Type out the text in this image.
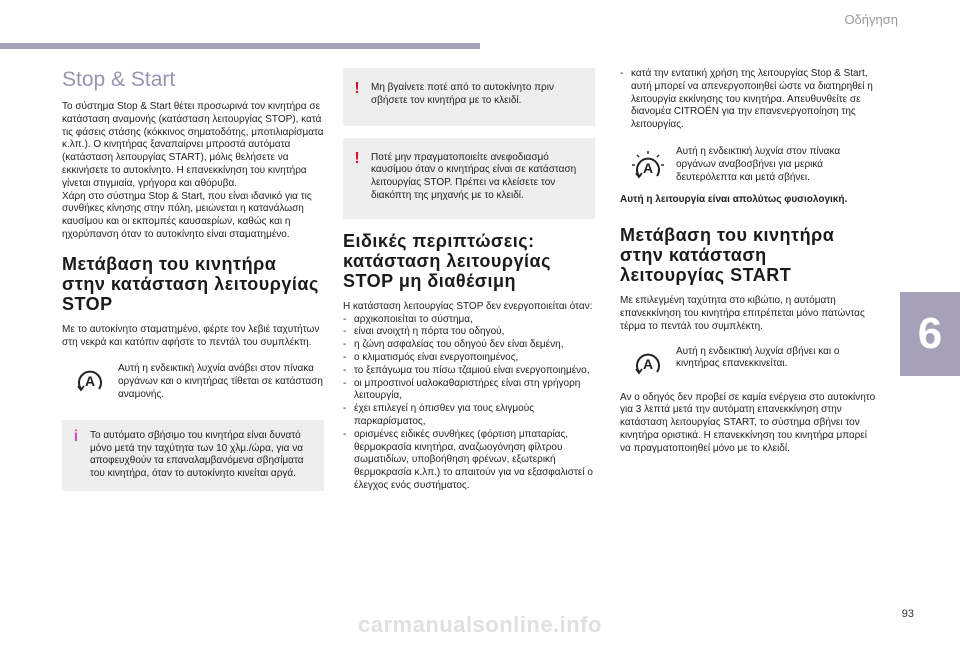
Οδήγηση
6
Stop & Start

Το σύστημα Stop & Start θέτει προσωρινά τον κινητήρα σε κατάσταση αναμονής (κατάσταση λειτουργίας STOP), κατά τις φάσεις στάσης (κόκκινος σηματοδότης, μποτιλιαρίσματα κ.λπ.). Ο κινητήρας ξαναπαίρνει μπροστά αυτόματα (κατάσταση λειτουργίας START), μόλις θελήσετε να εκκινήσετε το αυτοκίνητο. Η επανεκκίνηση του κινητήρα γίνεται στιγμιαία, γρήγορα και αθόρυβα.

Χάρη στο σύστημα Stop & Start, που είναι ιδανικό για τις συνθήκες κίνησης στην πόλη, μειώνεται η κατανάλωση καυσίμου και οι εκπομπές καυσαερίων, καθώς και η ηχορύπανση όταν το αυτοκίνητο είναι σταματημένο.

Μετάβαση του κινητήρα στην κατάσταση λειτουργίας STOP

Με το αυτοκίνητο σταματημένο, φέρτε τον λεβιέ ταχυτήτων στη νεκρά και κατόπιν αφήστε το πεντάλ του συμπλέκτη.

A

Αυτή η ενδεικτική λυχνία ανάβει στον πίνακα οργάνων και ο κινητήρας τίθεται σε κατάσταση αναμονής.

i	Το αυτόματο σβήσιμο του κινητήρα είναι δυνατό μόνο μετά την ταχύτητα των 10 χλμ./ώρα, για να αποφευχθούν τα επαναλαμβανόμενα σβησίματα του κινητήρα, όταν το αυτοκίνητο κινείται αργά.

!	Μη βγαίνετε ποτέ από το αυτοκίνητο πριν σβήσετε τον κινητήρα με το κλειδί.

!	Ποτέ μην πραγματοποιείτε ανεφοδιασμό καυσίμου όταν ο κινητήρας είναι σε κατάσταση λειτουργίας STOP. Πρέπει να κλείσετε τον διακόπτη της μηχανής με το κλειδί.

Ειδικές περιπτώσεις: κατάσταση λειτουργίας STOP μη διαθέσιμη

Η κατάσταση λειτουργίας STOP δεν ενεργοποιείται όταν:

- αρχικοποιείται το σύστημα,
- είναι ανοιχτή η πόρτα του οδηγού,
- η ζώνη ασφαλείας του οδηγού δεν είναι δεμένη,
- ο κλιματισμός είναι ενεργοποιημένος,
- το ξεπάγωμα του πίσω τζαμιού είναι ενεργοποιημένο,
- οι μπροστινοί υαλοκαθαριστήρες είναι στη γρήγορη λειτουργία,
- έχει επιλεγεί η όπισθεν για τους ελιγμούς παρκαρίσματος,
- ορισμένες ειδικές συνθήκες (φόρτιση μπαταρίας, θερμοκρασία κινητήρα, αναζωογόνηση φίλτρου σωματιδίων, υποβοήθηση φρένων, εξωτερική θερμοκρασία κ.λπ.) το απαιτούν για να εξασφαλιστεί ο έλεγχος ενός συστήματος.
- κατά την εντατική χρήση της λειτουργίας Stop & Start, αυτή μπορεί να απενεργοποιηθεί ώστε να διατηρηθεί η λειτουργία εκκίνησης του κινητήρα. Απευθυνθείτε σε διανομέα CITROËN για την επανενεργοποίηση της λειτουργίας.
A

Αυτή η ενδεικτική λυχνία στον πίνακα οργάνων αναβοσβήνει για μερικά δευτερόλεπτα και μετά σβήνει.

Αυτή η λειτουργία είναι απολύτως φυσιολογική.

Μετάβαση του κινητήρα στην κατάσταση λειτουργίας START

Με επιλεγμένη ταχύτητα στο κιβώτιο, η αυτόματη επανεκκίνηση του κινητήρα επιτρέπεται μόνο πατώντας τέρμα το πεντάλ του συμπλέκτη.

A

Αυτή η ενδεικτική λυχνία σβήνει και ο κινητήρας επανεκκινείται.

Αν ο οδηγός δεν προβεί σε καμία ενέργεια στο αυτοκίνητο για 3 λεπτά μετά την αυτόματη επανεκκίνηση στην κατάσταση λειτουργίας START, το σύστημα σβήνει τον κινητήρα οριστικά. Η επανεκκίνηση του κινητήρα μπορεί να πραγματοποιηθεί μόνο με το κλειδί.

93
carmanualsonline.info
